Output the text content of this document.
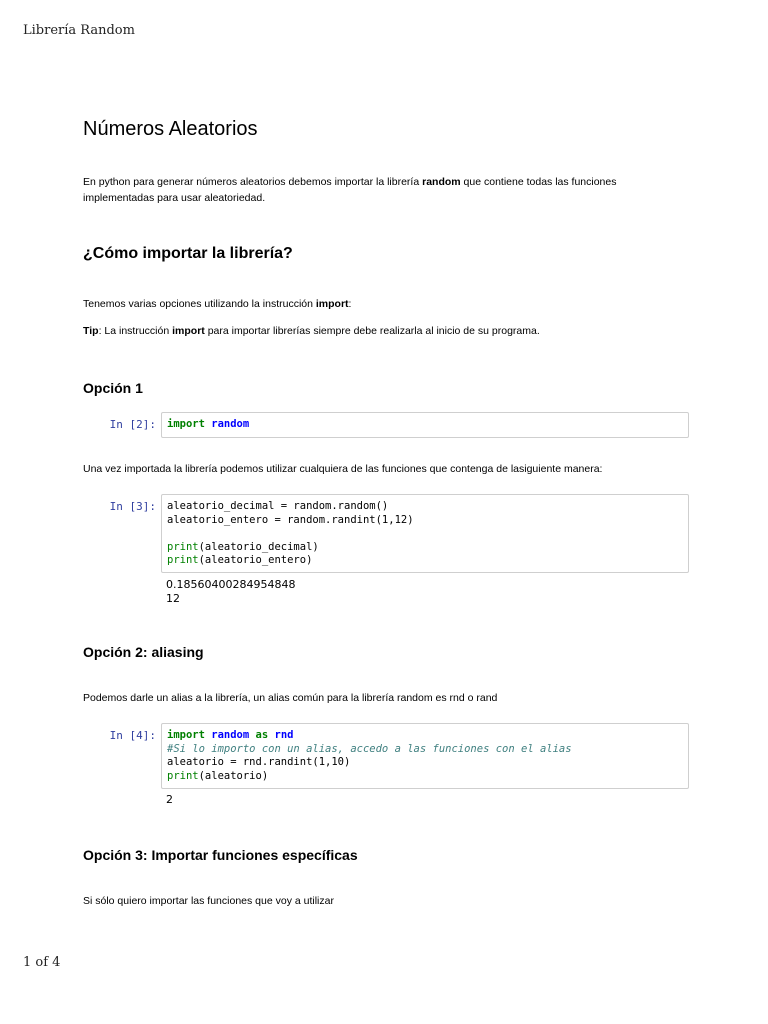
Librería Random
Números Aleatorios

En python para generar números aleatorios debemos importar la librería random que contiene todas las funciones implementadas para usar aleatoriedad.

¿Cómo importar la librería?

Tenemos varias opciones utilizando la instrucción import:

Tip: La instrucción import para importar librerías siempre debe realizarla al inicio de su programa.

Opción 1

Una vez importada la librería podemos utilizar cualquiera de las funciones que contenga de lasiguiente manera:

Opción 2: aliasing

Podemos darle un alias a la librería, un alias común para la librería random es rnd o rand

Opción 3: Importar funciones específicas

Si sólo quiero importar las funciones que voy a utilizar

In [2]: import random
In [3]: aleatorio_decimal = random.random()
aleatorio_entero = random.randint(1,12)

print(aleatorio_decimal)
print(aleatorio_entero)
0.18560400284954848
12
In [4]: import random as rnd
#Si lo importo con un alias, accedo a las funciones con el alias
aleatorio = rnd.randint(1,10)
print(aleatorio)
2
1 of 4
